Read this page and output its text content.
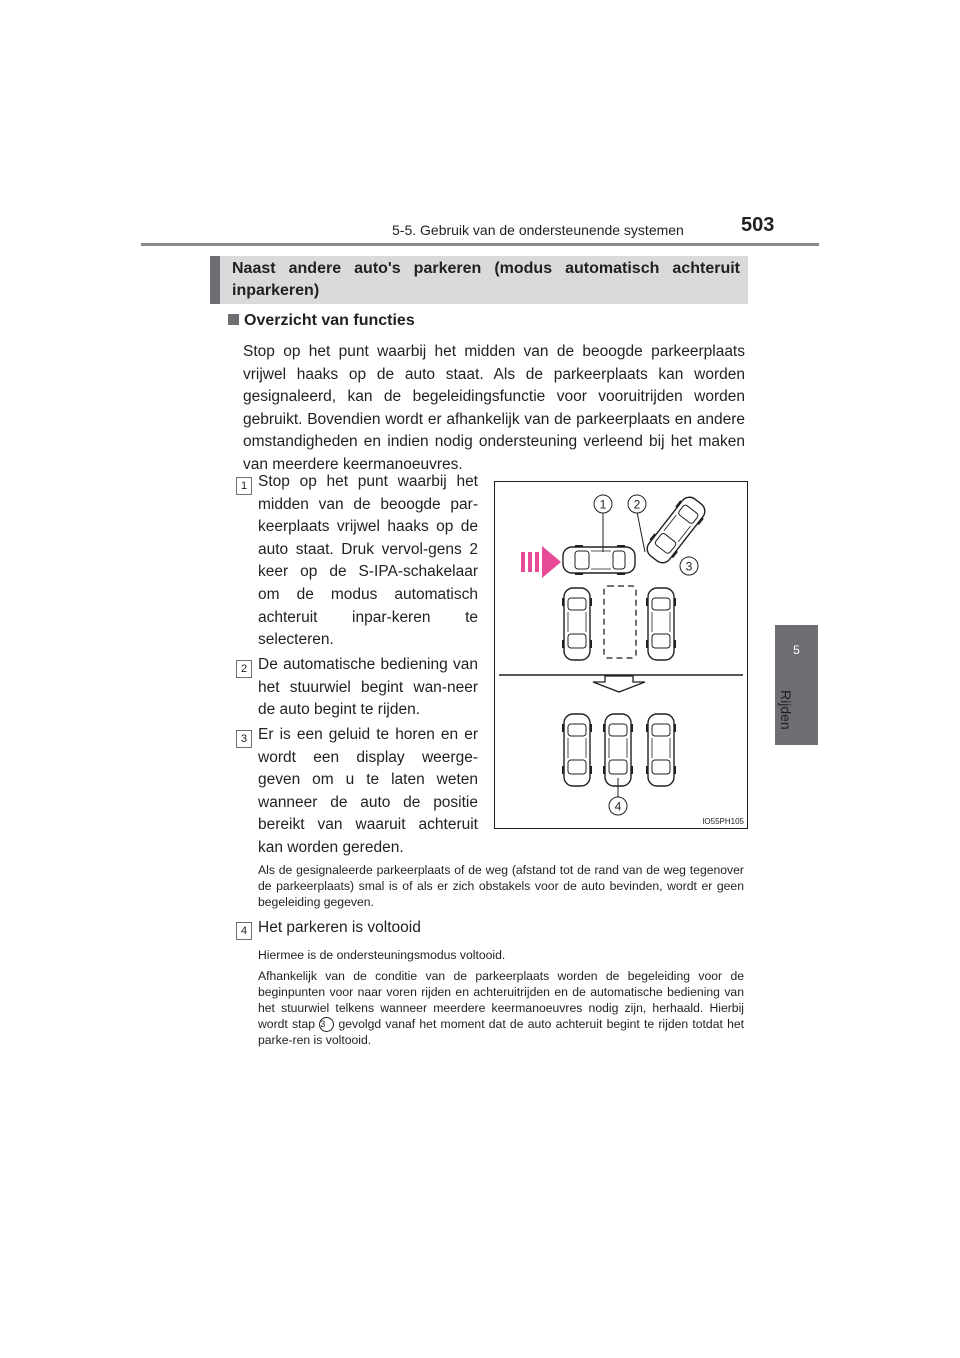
5-5. Gebruik van de ondersteunende systemen	503
5
Rijden
Naast andere auto's parkeren (modus automatisch achteruit inparkeren)
Overzicht van functies
Stop op het punt waarbij het midden van de beoogde parkeerplaats vrijwel haaks op de auto staat. Als de parkeerplaats kan worden gesignaleerd, kan de begeleidingsfunctie voor vooruitrijden worden gebruikt. Bovendien wordt er afhankelijk van de parkeerplaats en andere omstandigheden en indien nodig ondersteuning verleend bij het maken van meerdere keermanoeuvres.
1 Stop op het punt waarbij het midden van de beoogde par-keerplaats vrijwel haaks op de auto staat. Druk vervol-gens 2 keer op de S-IPA-schakelaar om de modus automatisch achteruit inpar-keren te selecteren.
2 De automatische bediening van het stuurwiel begint wan-neer de auto begint te rijden.
3 Er is een geluid te horen en er wordt een display weerge-geven om u te laten weten wanneer de auto de positie bereikt van waaruit achteruit kan worden gereden.
Als de gesignaleerde parkeerplaats of de weg (afstand tot de rand van de weg tegenover de parkeerplaats) smal is of als er zich obstakels voor de auto bevinden, wordt er geen begeleiding gegeven.
4 Het parkeren is voltooid
Hiermee is de ondersteuningsmodus voltooid.
Afhankelijk van de conditie van de parkeerplaats worden de begeleiding voor de beginpunten voor naar voren rijden en achteruitrijden en de automatische bediening van het stuurwiel telkens wanneer meerdere keermanoeuvres nodig zijn, herhaald. Hierbij wordt stap 3 gevolgd vanaf het moment dat de auto achteruit begint te rijden totdat het parke-ren is voltooid.
1 2
3
4
IO55PH105
